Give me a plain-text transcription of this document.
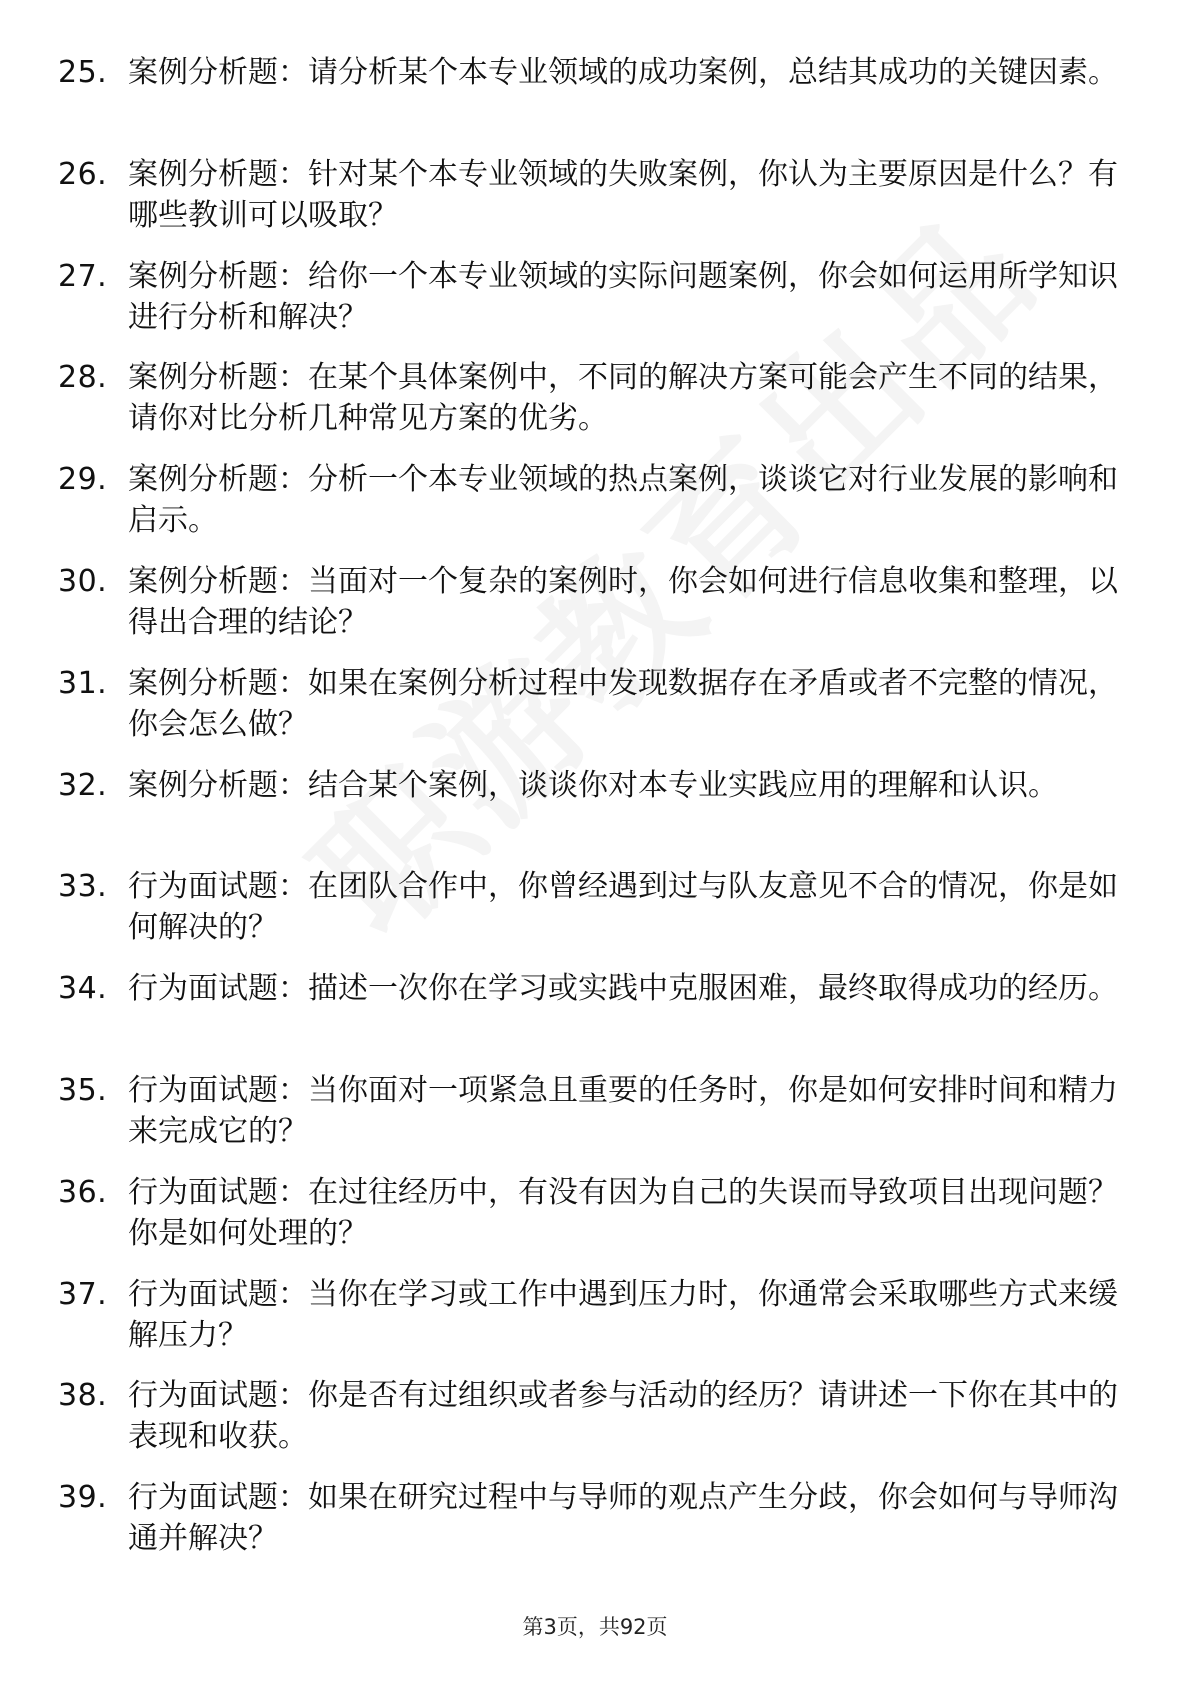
25. 案例分析题：请分析某个本专业领域的成功案例，总结其成功的关键因素。
26. 案例分析题：针对某个本专业领域的失败案例，你认为主要原因是什么？有哪些教训可以吸取？
27. 案例分析题：给你一个本专业领域的实际问题案例，你会如何运用所学知识进行分析和解决？
28. 案例分析题：在某个具体案例中，不同的解决方案可能会产生不同的结果，请你对比分析几种常见方案的优劣。
29. 案例分析题：分析一个本专业领域的热点案例，谈谈它对行业发展的影响和启示。
30. 案例分析题：当面对一个复杂的案例时，你会如何进行信息收集和整理，以得出合理的结论？
31. 案例分析题：如果在案例分析过程中发现数据存在矛盾或者不完整的情况，你会怎么做？
32. 案例分析题：结合某个案例，谈谈你对本专业实践应用的理解和认识。
33. 行为面试题：在团队合作中，你曾经遇到过与队友意见不合的情况，你是如何解决的？
34. 行为面试题：描述一次你在学习或实践中克服困难，最终取得成功的经历。
35. 行为面试题：当你面对一项紧急且重要的任务时，你是如何安排时间和精力来完成它的？
36. 行为面试题：在过往经历中，有没有因为自己的失误而导致项目出现问题？你是如何处理的？
37. 行为面试题：当你在学习或工作中遇到压力时，你通常会采取哪些方式来缓解压力？
38. 行为面试题：你是否有过组织或者参与活动的经历？请讲述一下你在其中的表现和收获。
39. 行为面试题：如果在研究过程中与导师的观点产生分歧，你会如何与导师沟通并解决？
第3页，共92页
